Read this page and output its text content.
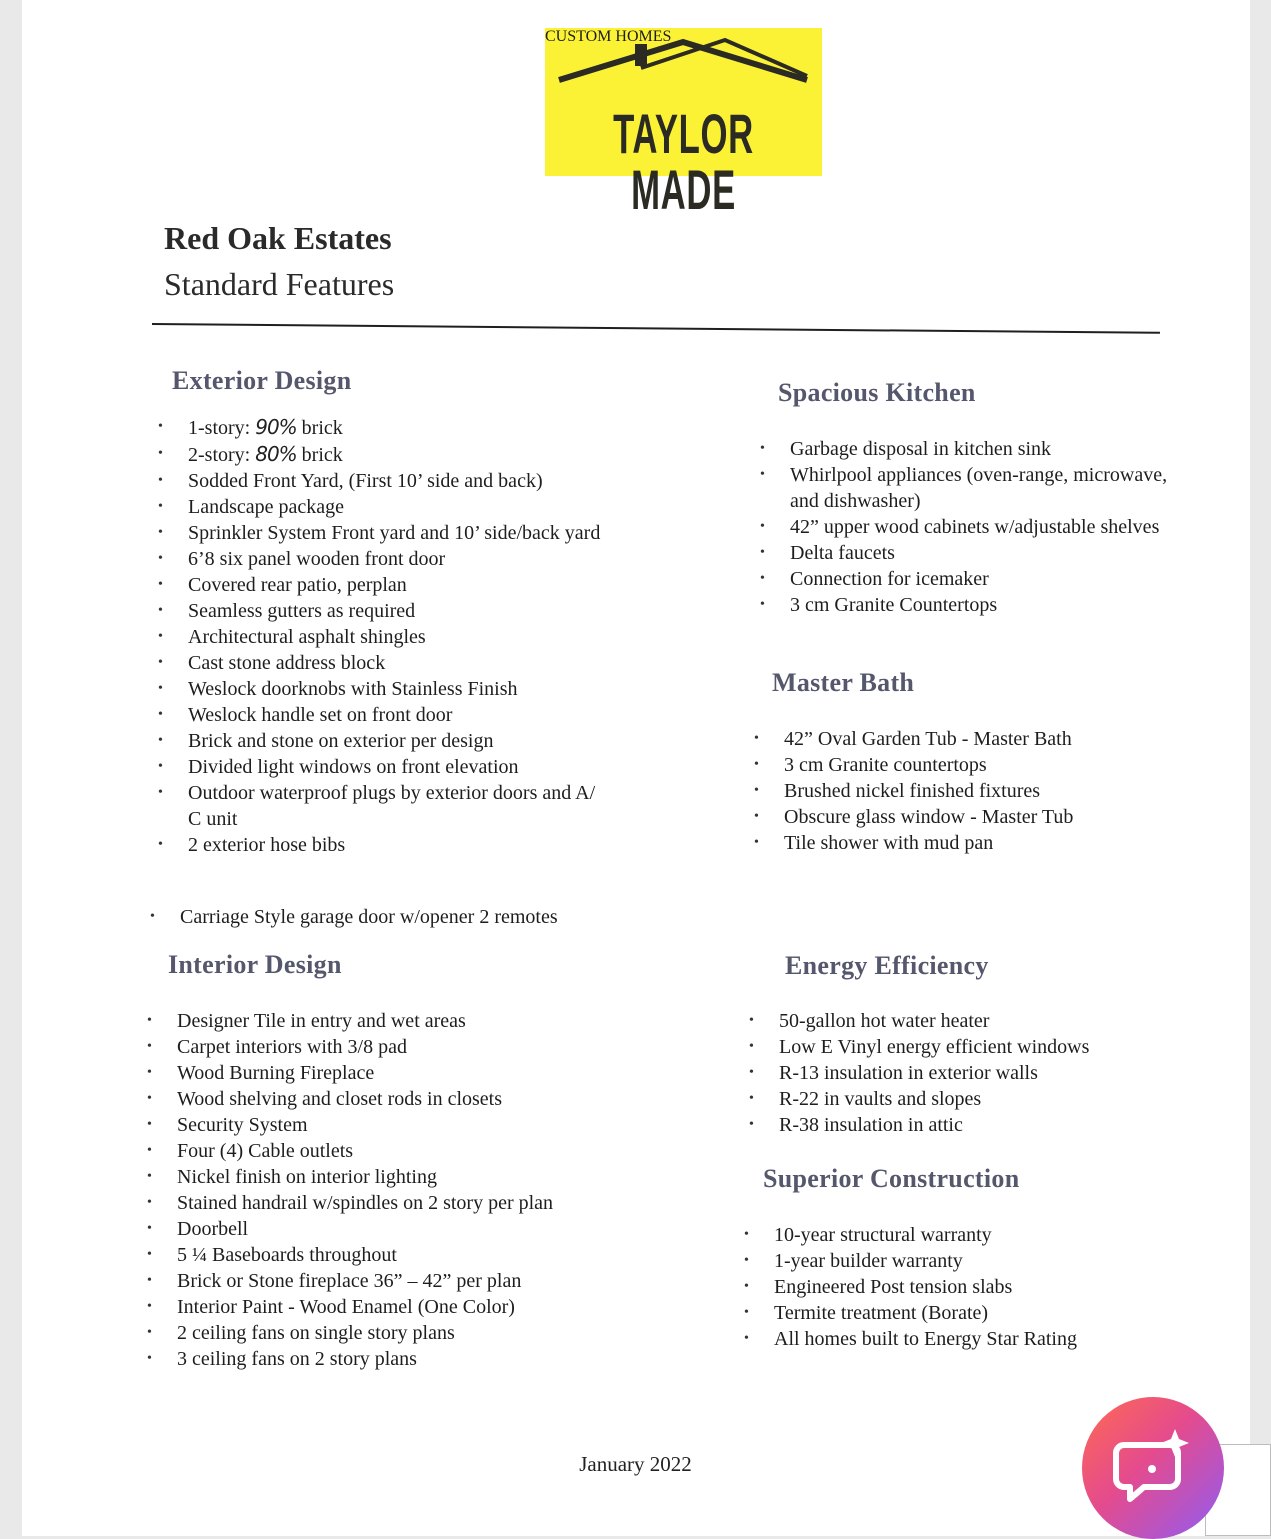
TAYLOR MADE
CUSTOM HOMES
Red Oak Estates
Standard Features
Exterior Design
• 1-story: 90% brick
• 2-story: 80% brick
• Sodded Front Yard, (First 10’ side and back)
• Landscape package
• Sprinkler System Front yard and 10’ side/back yard
• 6’8 six panel wooden front door
• Covered rear patio, perplan
• Seamless gutters as required
• Architectural asphalt shingles
• Cast stone address block
• Weslock doorknobs with Stainless Finish
• Weslock handle set on front door
• Brick and stone on exterior per design
• Divided light windows on front elevation
• Outdoor waterproof plugs by exterior doors and A/ C unit
• 2 exterior hose bibs
• Carriage Style garage door w/opener 2 remotes
Spacious Kitchen
• Garbage disposal in kitchen sink
• Whirlpool appliances (oven-range, microwave, and dishwasher)
• 42” upper wood cabinets w/adjustable shelves
• Delta faucets
• Connection for icemaker
• 3 cm Granite Countertops
Master Bath
• 42” Oval Garden Tub - Master Bath
• 3 cm Granite countertops
• Brushed nickel finished fixtures
• Obscure glass window - Master Tub
• Tile shower with mud pan
Interior Design
• Designer Tile in entry and wet areas
• Carpet interiors with 3/8 pad
• Wood Burning Fireplace
• Wood shelving and closet rods in closets
• Security System
• Four (4) Cable outlets
• Nickel finish on interior lighting
• Stained handrail w/spindles on 2 story per plan
• Doorbell
• 5 ¼ Baseboards throughout
• Brick or Stone fireplace 36” – 42” per plan
• Interior Paint - Wood Enamel (One Color)
• 2 ceiling fans on single story plans
• 3 ceiling fans on 2 story plans
Energy Efficiency
• 50-gallon hot water heater
• Low E Vinyl energy efficient windows
• R-13 insulation in exterior walls
• R-22 in vaults and slopes
• R-38 insulation in attic
Superior Construction
• 10-year structural warranty
• 1-year builder warranty
• Engineered Post tension slabs
• Termite treatment (Borate)
• All homes built to Energy Star Rating
January 2022
